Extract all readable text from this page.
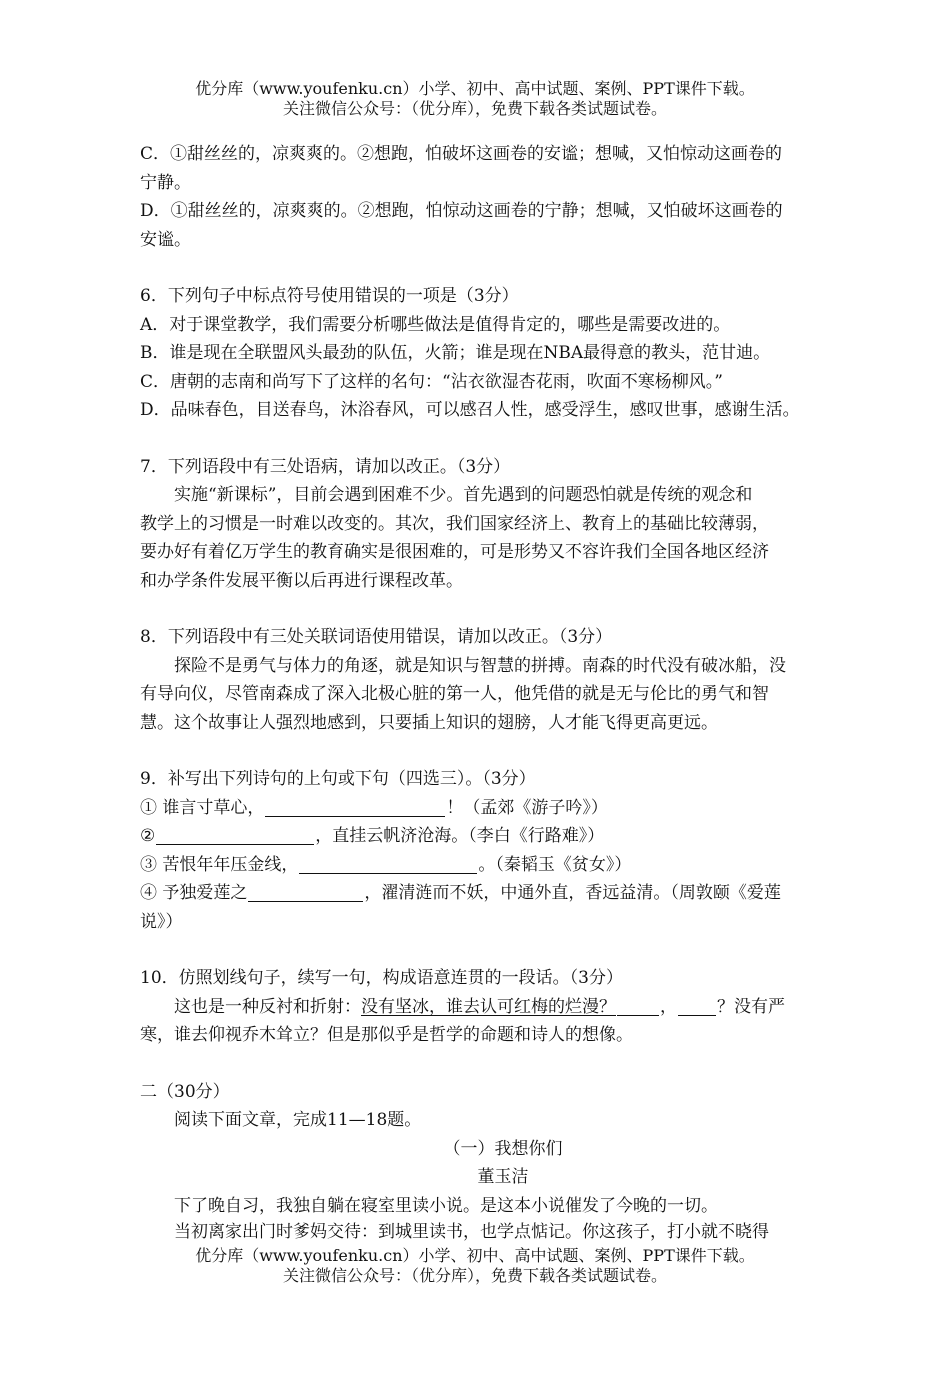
优分库（www.youfenku.cn）小学、初中、高中试题、案例、PPT课件下载。
关注微信公众号：（优分库），免费下载各类试题试卷。

C．①甜丝丝的，凉爽爽的。②想跑，怕破坏这画卷的安谧；想喊，又怕惊动这画卷的

宁静。

D．①甜丝丝的，凉爽爽的。②想跑，怕惊动这画卷的宁静；想喊，又怕破坏这画卷的

安谧。

6．下列句子中标点符号使用错误的一项是（3分）

A．对于课堂教学，我们需要分析哪些做法是值得肯定的，哪些是需要改进的。

B．谁是现在全联盟风头最劲的队伍，火箭；谁是现在NBA最得意的教头，范甘迪。

C．唐朝的志南和尚写下了这样的名句：“沾衣欲湿杏花雨，吹面不寒杨柳风。”

D．品味春色，目送春鸟，沐浴春风，可以感召人性，感受浮生，感叹世事，感谢生活。

7．下列语段中有三处语病，请加以改正。（3分）

实施“新课标”，目前会遇到困难不少。首先遇到的问题恐怕就是传统的观念和

教学上的习惯是一时难以改变的。其次，我们国家经济上、教育上的基础比较薄弱，

要办好有着亿万学生的教育确实是很困难的，可是形势又不容许我们全国各地区经济

和办学条件发展平衡以后再进行课程改革。

8．下列语段中有三处关联词语使用错误，请加以改正。（3分）

探险不是勇气与体力的角逐，就是知识与智慧的拼搏。南森的时代没有破冰船，没

有导向仪，尽管南森成了深入北极心脏的第一人，他凭借的就是无与伦比的勇气和智

慧。这个故事让人强烈地感到，只要插上知识的翅膀，人才能飞得更高更远。

9．补写出下列诗句的上句或下句（四选三）。（3分）

① 谁言寸草心，	！（孟郊《游子吟》）

②	，直挂云帆济沧海。（李白《行路难》）

③ 苦恨年年压金线，	。（秦韬玉《贫女》）

④ 予独爱莲之	，濯清涟而不妖，中通外直，香远益清。（周敦颐《爱莲

说》）

10．仿照划线句子，续写一句，构成语意连贯的一段话。（3分）

这也是一种反衬和折射：没有坚冰，谁去认可红梅的烂漫？	， ？没有严

寒，谁去仰视乔木耸立？但是那似乎是哲学的命题和诗人的想像。

二（30分）

阅读下面文章，完成11—18题。

（一）我想你们

董玉洁

下了晚自习，我独自躺在寝室里读小说。是这本小说催发了今晚的一切。

当初离家出门时爹妈交待：到城里读书，也学点惦记。你这孩子，打小就不晓得

优分库（www.youfenku.cn）小学、初中、高中试题、案例、PPT课件下载。
关注微信公众号：（优分库），免费下载各类试题试卷。
